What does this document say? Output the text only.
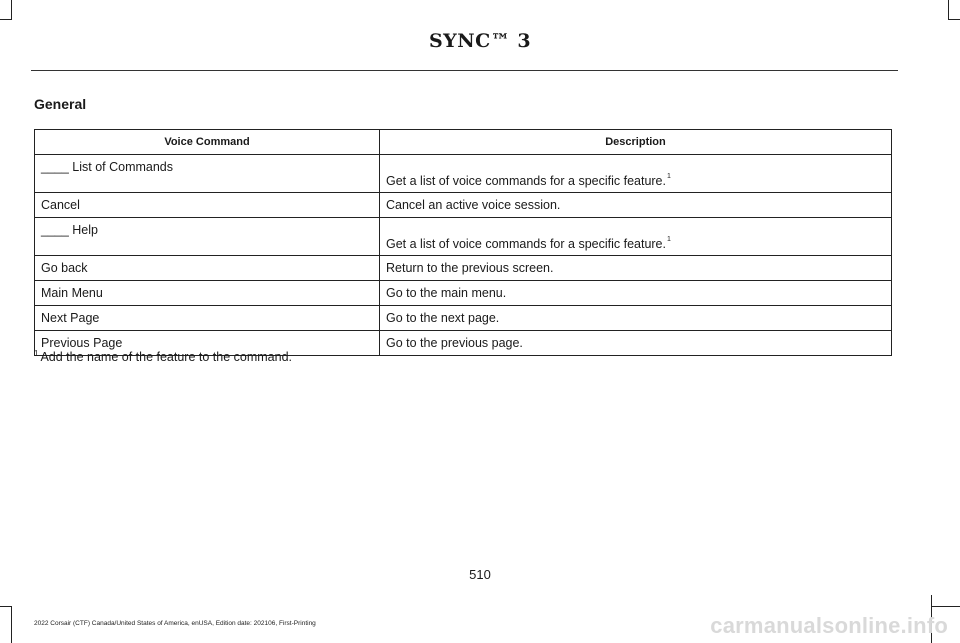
SYNC™ 3
General
Voice Command	Description
____ List of Commands	Get a list of voice commands for a specific feature.$^1$
Cancel	Cancel an active voice session.
____ Help	Get a list of voice commands for a specific feature.$^1$
Go back	Return to the previous screen.
Main Menu	Go to the main menu.
Next Page	Go to the next page.
Previous Page	Go to the previous page.
$^1$ Add the name of the feature to the command.
510
2022 Corsair (CTF) Canada/United States of America, enUSA, Edition date: 202106, First-Printing	carmanualsonline.info
